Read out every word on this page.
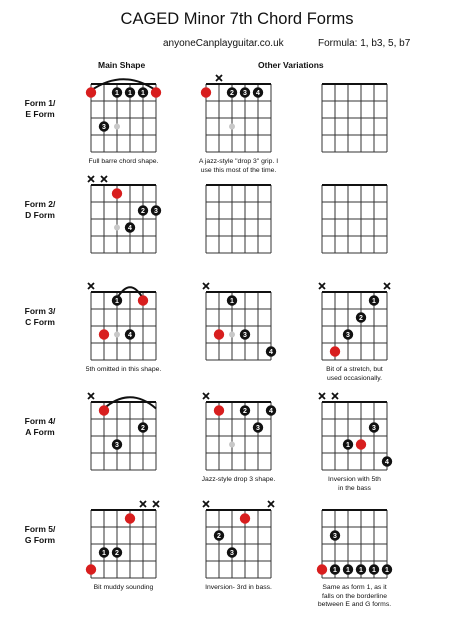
CAGED Minor 7th Chord Forms
anyoneCanplayguitar.co.uk	Formula: 1, b3, 5, b7
Main Shape	Other Variations
Form 1/
E Form
Form 2/
D Form
Form 3/
C Form
Form 4/
A Form
Form 5/
G Form
1 1 1
3
2 3 4
2 3
4
1
4
1
3
4
1
2
3
2
3
2	4
3	3
1
4
1 2
2
3
3
1 1 1 1 1
Full barre chord shape.	A jazz-style "drop 3" grip. I
use this most of the time.
5th omitted in this shape.	Bit of a stretch, but
used occasionally.
Jazz-style drop 3 shape.	Inversion with 5th
in the bass
Bit muddy sounding	Inversion- 3rd in bass.	Same as form 1, as it
falls on the borderline
between E and G forms.
